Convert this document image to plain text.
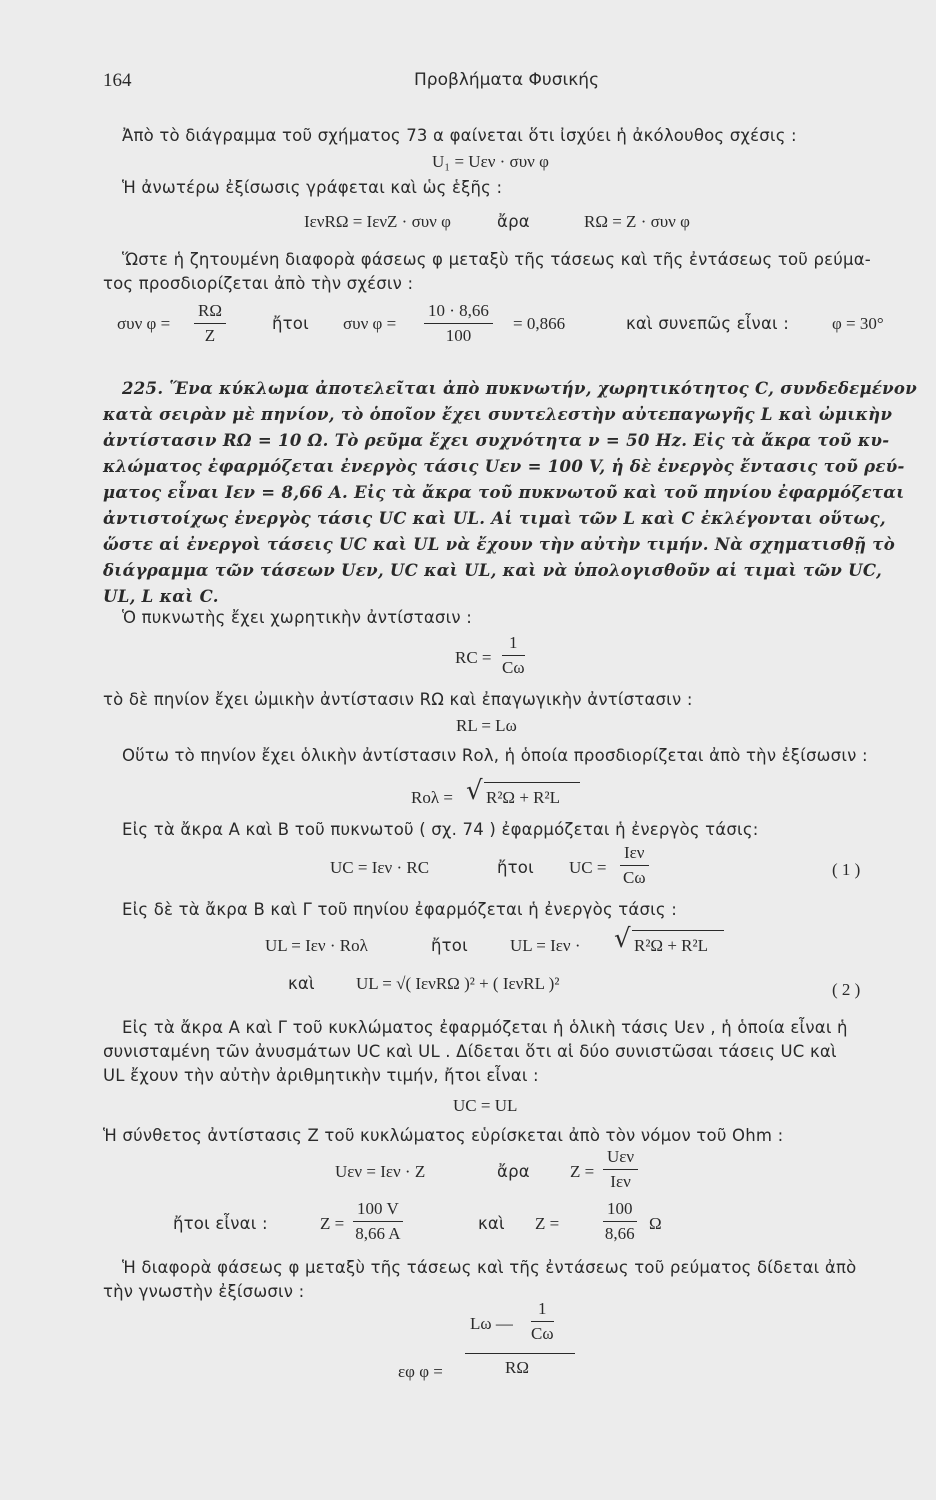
164	Προβλήματα Φυσικής
Ἀπὸ τὸ διάγραμμα τοῦ σχήματος 73 α φαίνεται ὅτι ἰσχύει ἡ ἀκόλουθος σχέσις :
U₁ = Uεν · συν φ
Ἡ ἀνωτέρω ἐξίσωσις γράφεται καὶ ὡς ἑξῆς :
IενRΩ = IενZ · συν φ	ἄρα	RΩ = Z · συν φ
Ὥστε ἡ ζητουμένη διαφορὰ φάσεως φ μεταξὺ τῆς τάσεως καὶ τῆς ἐντάσεως τοῦ ρεύμα-
τος προσδιορίζεται ἀπὸ τὴν σχέσιν :
συν $\varphi = \frac{R\Omega}{Z}$	ἤτοι συν $\varphi = \frac{10 \cdot 8,66}{100} = 0,866$	καὶ συνεπῶς εἶναι :	φ = 30°
225. Ἕνα κύκλωμα ἀποτελεῖται ἀπὸ πυκνωτήν, χωρητικότητος C, συνδεδεμένον
κατὰ σειρὰν μὲ πηνίον, τὸ ὁποῖον ἔχει συντελεστὴν αὐτεπαγωγῆς L καὶ ὠμικὴν
ἀντίστασιν RΩ = 10 Ω. Τὸ ρεῦμα ἔχει συχνότητα ν = 50 Hz. Εἰς τὰ ἄκρα τοῦ κυ-
κλώματος ἐφαρμόζεται ἐνεργὸς τάσις Uεν = 100 V, ἡ δὲ ἐνεργὸς ἔντασις τοῦ ρεύ-
ματος εἶναι Iεν = 8,66 A. Εἰς τὰ ἄκρα τοῦ πυκνωτοῦ καὶ τοῦ πηνίου ἐφαρμόζεται
ἀντιστοίχως ἐνεργὸς τάσις UC καὶ UL. Αἱ τιμαὶ τῶν L καὶ C ἐκλέγονται οὕτως,
ὥστε αἱ ἐνεργοὶ τάσεις UC καὶ UL νὰ ἔχουν τὴν αὐτὴν τιμήν. Νὰ σχηματισθῇ τὸ
διάγραμμα τῶν τάσεων Uεν, UC καὶ UL, καὶ νὰ ὑπολογισθοῦν αἱ τιμαὶ τῶν UC,
UL, L καὶ C.
Ὁ πυκνωτὴς ἔχει χωρητικὴν ἀντίστασιν :
RC = $\frac{1}{C\omega}$
τὸ δὲ πηνίον ἔχει ὠμικὴν ἀντίστασιν RΩ καὶ ἐπαγωγικὴν ἀντίστασιν :
RL = Lω
Οὕτω τὸ πηνίον ἔχει ὁλικὴν ἀντίστασιν Rολ, ἡ ὁποία προσδιορίζεται ἀπὸ τὴν ἐξίσωσιν :
Rολ = √ R²Ω + R²L
Εἰς τὰ ἄκρα Α καὶ Β τοῦ πυκνωτοῦ ( σχ. 74 ) ἐφαρμόζεται ἡ ἐνεργὸς τάσις:
UC = Iεν · RC	ἤτοι UC =
Iεν
Cω	( 1 )
Εἰς δὲ τὰ ἄκρα Β καὶ Γ τοῦ πηνίου ἐφαρμόζεται ἡ ἐνεργὸς τάσις :
UL = Iεν · Rολ	ἤτοι UL = Iεν · √ R²Ω + R²L
καὶ UL = √( IενRΩ )² + ( IενRL )²	( 2 )
Εἰς τὰ ἄκρα Α καὶ Γ τοῦ κυκλώματος ἐφαρμόζεται ἡ ὁλικὴ τάσις Uεν , ἡ ὁποία εἶναι ἡ
συνισταμένη τῶν ἀνυσμάτων UC καὶ UL . Δίδεται ὅτι αἱ δύο συνιστῶσαι τάσεις UC καὶ
UL ἔχουν τὴν αὐτὴν ἀριθμητικὴν τιμήν, ἤτοι εἶναι :
UC = UL
Ἡ σύνθετος ἀντίστασις Z τοῦ κυκλώματος εὑρίσκεται ἀπὸ τὸν νόμον τοῦ Ohm :
Uεν = Iεν · Z	ἄρα Z =
Uεν
Iεν
ἤτοι εἶναι :	$Z = \frac{100 V}{8,66 A}$	καὶ Z =	$\frac{100}{8,66}$ Ω
Ἡ διαφορὰ φάσεως φ μεταξὺ τῆς τάσεως καὶ τῆς ἐντάσεως τοῦ ρεύματος δίδεται ἀπὸ
τὴν γνωστὴν ἐξίσωσιν :
εφ φ =
Lω — $\frac{1}{C\omega}$
RΩ
